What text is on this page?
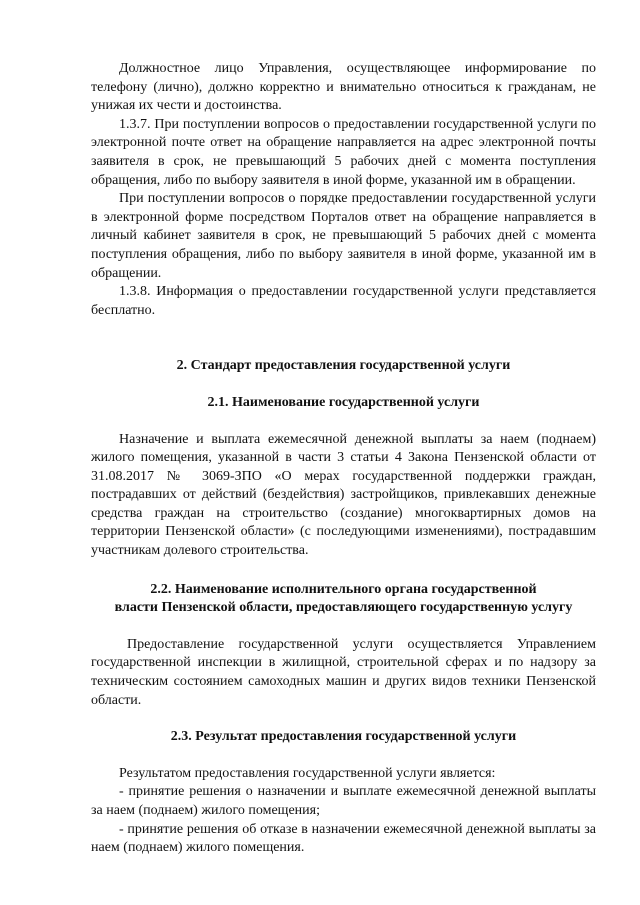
Должностное лицо Управления, осуществляющее информирование по телефону (лично), должно корректно и внимательно относиться к гражданам, не унижая их чести и достоинства.

1.3.7. При поступлении вопросов о предоставлении государственной услуги по электронной почте ответ на обращение направляется на адрес электронной почты заявителя в срок, не превышающий 5 рабочих дней с момента поступления обращения, либо по выбору заявителя в иной форме, указанной им в обращении.

При поступлении вопросов о порядке предоставлении государственной услуги в электронной форме посредством Порталов ответ на обращение направляется в личный кабинет заявителя в срок, не превышающий 5 рабочих дней с момента поступления обращения, либо по выбору заявителя в иной форме, указанной им в обращении.

1.3.8. Информация о предоставлении государственной услуги представляется бесплатно.

2. Стандарт предоставления государственной услуги

2.1. Наименование государственной услуги

Назначение и выплата ежемесячной денежной выплаты за наем (поднаем) жилого помещения, указанной в части 3 статьи 4 Закона Пензенской области от 31.08.2017 № 3069-ЗПО «О мерах государственной поддержки граждан, пострадавших от действий (бездействия) застройщиков, привлекавших денежные средства граждан на строительство (создание) многоквартирных домов на территории Пензенской области» (с последующими изменениями), пострадавшим участникам долевого строительства.

2.2. Наименование исполнительного органа государственной

власти Пензенской области, предоставляющего государственную услугу

Предоставление государственной услуги осуществляется Управлением государственной инспекции в жилищной, строительной сферах и по надзору за техническим состоянием самоходных машин и других видов техники Пензенской области.

2.3. Результат предоставления государственной услуги

Результатом предоставления государственной услуги является:

- принятие решения о назначении и выплате ежемесячной денежной выплаты за наем (поднаем) жилого помещения;

- принятие решения об отказе в назначении ежемесячной денежной выплаты за наем (поднаем) жилого помещения.
